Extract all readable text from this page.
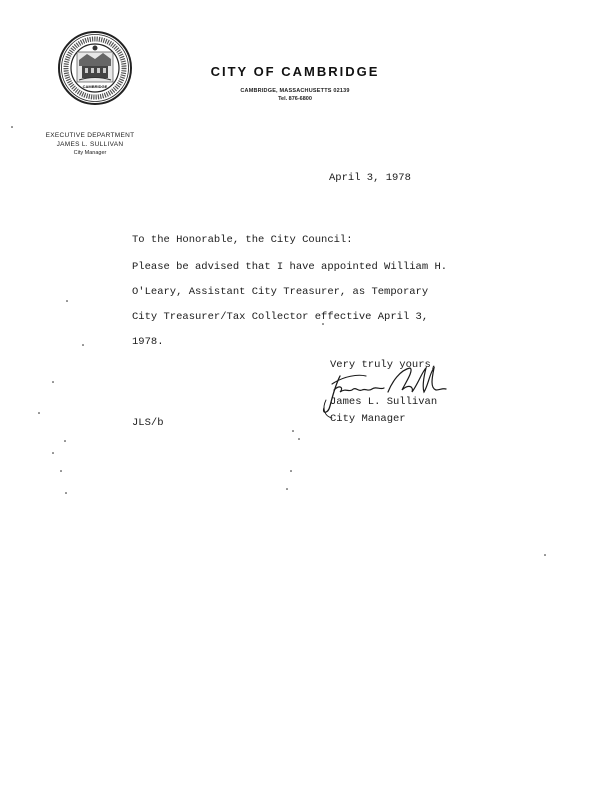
CAMBRIDGE
CITY OF CAMBRIDGE
CAMBRIDGE, MASSACHUSETTS 02139
Tel. 876-6800
EXECUTIVE DEPARTMENT
JAMES L. SULLIVAN
City Manager
April 3, 1978
To the Honorable, the City Council:
Please be advised that I have appointed William H.
O'Leary, Assistant City Treasurer, as Temporary
City Treasurer/Tax Collector effective April 3,
1978.
Very truly yours,
James L. Sullivan
City Manager
JLS/b
